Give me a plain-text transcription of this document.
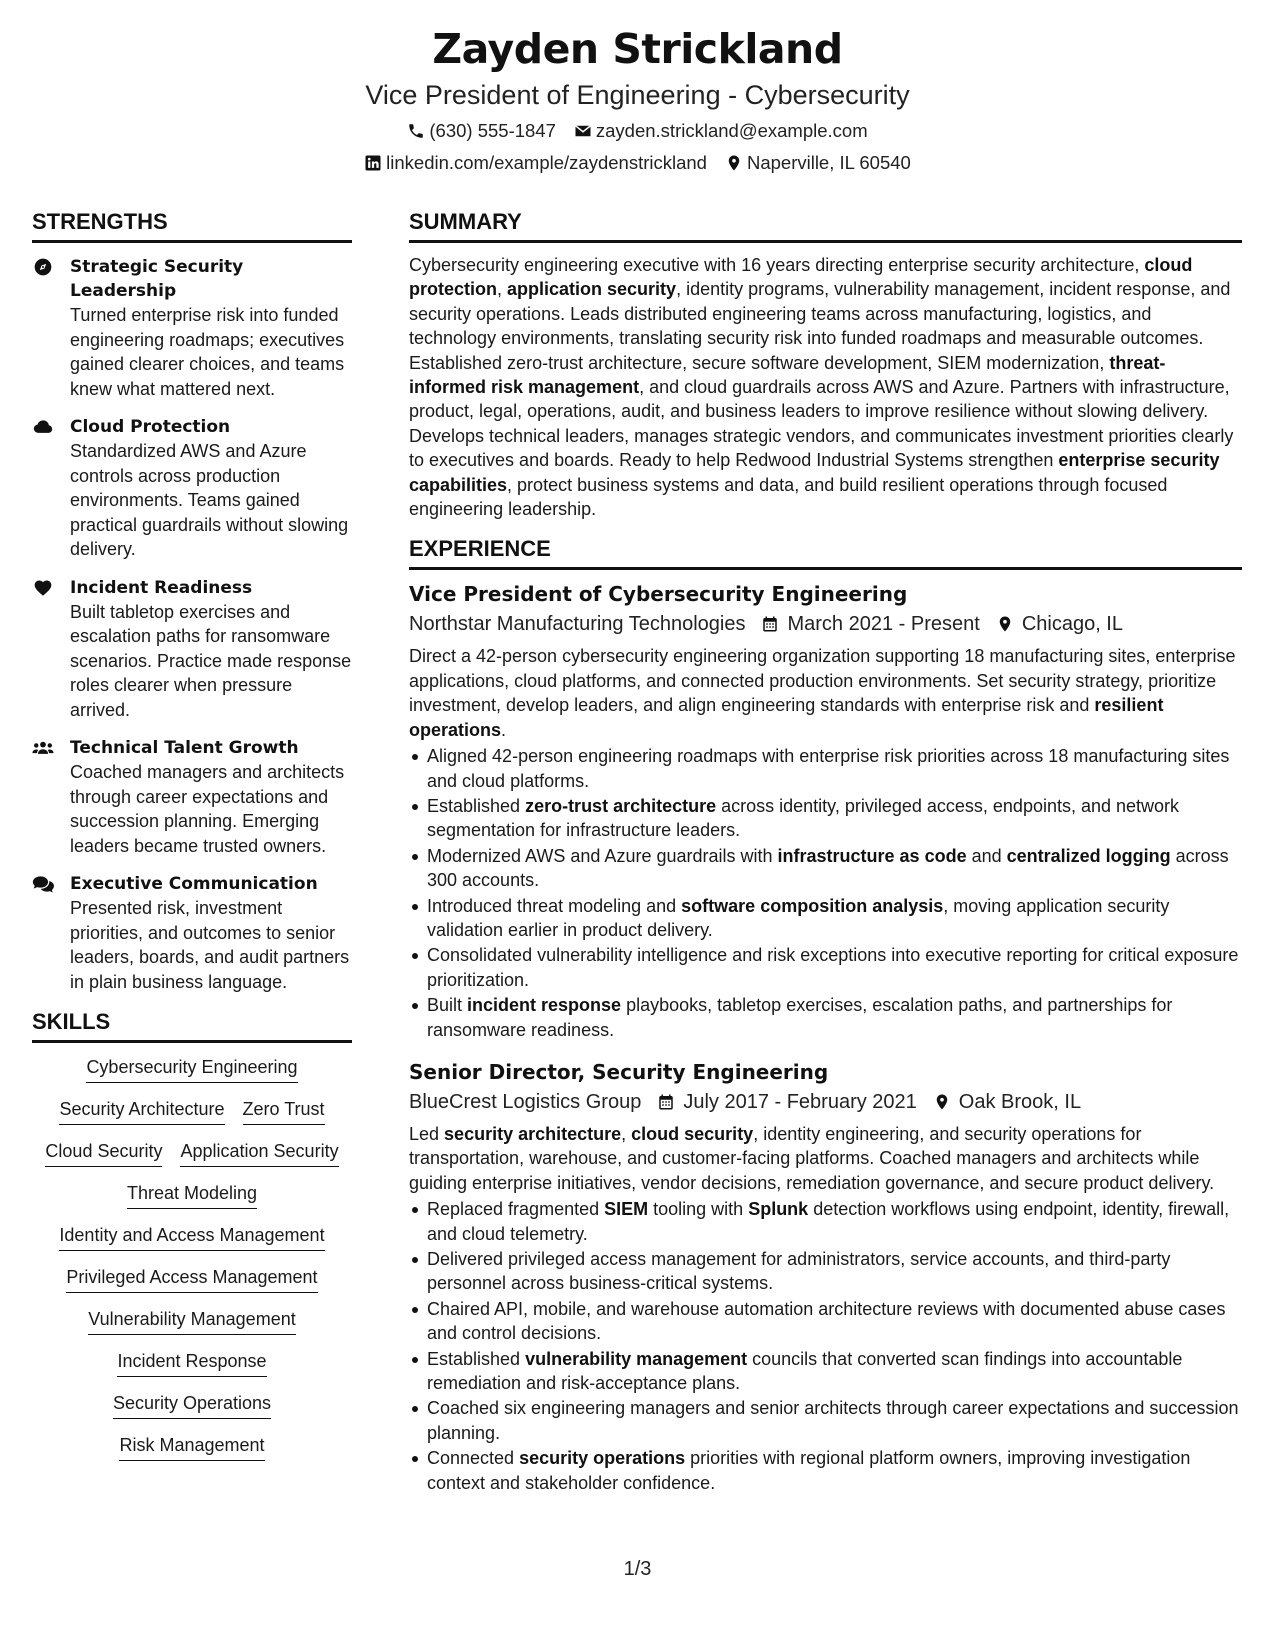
Zayden Strickland
Vice President of Engineering - Cybersecurity
(630) 555-1847 zayden.strickland@example.com
linkedin.com/example/zaydenstrickland Naperville, IL 60540
STRENGTHS
Strategic Security Leadership
Turned enterprise risk into funded engineering roadmaps; executives gained clearer choices, and teams knew what mattered next.
Cloud Protection
Standardized AWS and Azure controls across production environments. Teams gained practical guardrails without slowing delivery.
Incident Readiness
Built tabletop exercises and escalation paths for ransomware scenarios. Practice made response roles clearer when pressure arrived.
Technical Talent Growth
Coached managers and architects through career expectations and succession planning. Emerging leaders became trusted owners.
Executive Communication
Presented risk, investment priorities, and outcomes to senior leaders, boards, and audit partners in plain business language.
SKILLS
Cybersecurity Engineering
Security Architecture Zero Trust
Cloud Security Application Security
Threat Modeling
Identity and Access Management
Privileged Access Management
Vulnerability Management
Incident Response
Security Operations
Risk Management
SUMMARY

Cybersecurity engineering executive with 16 years directing enterprise security architecture, cloud protection, application security, identity programs, vulnerability management, incident response, and security operations. Leads distributed engineering teams across manufacturing, logistics, and technology environments, translating security risk into funded roadmaps and measurable outcomes. Established zero-trust architecture, secure software development, SIEM modernization, threat-informed risk management, and cloud guardrails across AWS and Azure. Partners with infrastructure, product, legal, operations, audit, and business leaders to improve resilience without slowing delivery. Develops technical leaders, manages strategic vendors, and communicates investment priorities clearly to executives and boards. Ready to help Redwood Industrial Systems strengthen enterprise security capabilities, protect business systems and data, and build resilient operations through focused engineering leadership.

EXPERIENCE
Vice President of Cybersecurity Engineering
Northstar Manufacturing Technologies March 2021 - Present Chicago, IL

Direct a 42-person cybersecurity engineering organization supporting 18 manufacturing sites, enterprise applications, cloud platforms, and connected production environments. Set security strategy, prioritize investment, develop leaders, and align engineering standards with enterprise risk and resilient operations.

Aligned 42-person engineering roadmaps with enterprise risk priorities across 18 manufacturing sites and cloud platforms.
Established zero-trust architecture across identity, privileged access, endpoints, and network segmentation for infrastructure leaders.
Modernized AWS and Azure guardrails with infrastructure as code and centralized logging across 300 accounts.
Introduced threat modeling and software composition analysis, moving application security validation earlier in product delivery.
Consolidated vulnerability intelligence and risk exceptions into executive reporting for critical exposure prioritization.
Built incident response playbooks, tabletop exercises, escalation paths, and partnerships for ransomware readiness.
Senior Director, Security Engineering
BlueCrest Logistics Group July 2017 - February 2021 Oak Brook, IL

Led security architecture, cloud security, identity engineering, and security operations for transportation, warehouse, and customer-facing platforms. Coached managers and architects while guiding enterprise initiatives, vendor decisions, remediation governance, and secure product delivery.

Replaced fragmented SIEM tooling with Splunk detection workflows using endpoint, identity, firewall, and cloud telemetry.
Delivered privileged access management for administrators, service accounts, and third-party personnel across business-critical systems.
Chaired API, mobile, and warehouse automation architecture reviews with documented abuse cases and control decisions.
Established vulnerability management councils that converted scan findings into accountable remediation and risk-acceptance plans.
Coached six engineering managers and senior architects through career expectations and succession planning.
Connected security operations priorities with regional platform owners, improving investigation context and stakeholder confidence.
1/3
